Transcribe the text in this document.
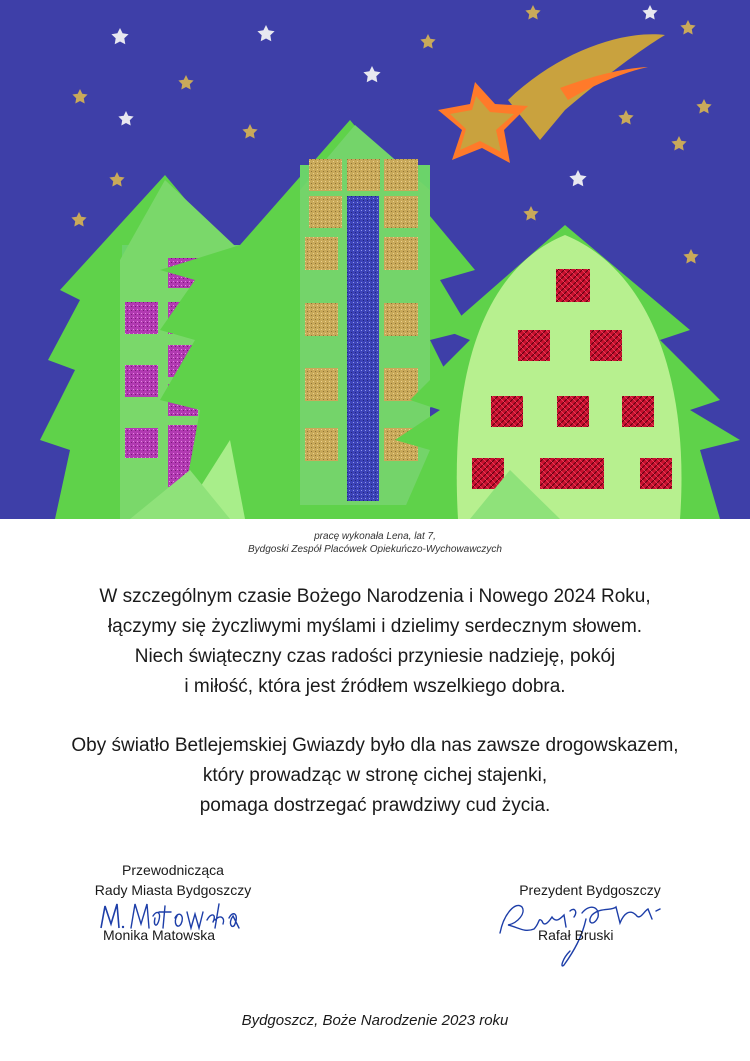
pracę wykonała Lena, lat 7,
Bydgoski Zespół Placówek Opiekuńczo-Wychowawczych
W szczególnym czasie Bożego Narodzenia i Nowego 2024 Roku,
łączymy się życzliwymi myślami i dzielimy serdecznym słowem.
Niech świąteczny czas radości przyniesie nadzieję, pokój
i miłość, która jest źródłem wszelkiego dobra.
Oby światło Betlejemskiej Gwiazdy było dla nas zawsze drogowskazem,
który prowadząc w stronę cichej stajenki,
pomaga dostrzegać prawdziwy cud życia.
Przewodnicząca
Rady Miasta Bydgoszczy
Monika Matowska
Prezydent Bydgoszczy
Rafał Bruski
Bydgoszcz, Boże Narodzenie 2023 roku
